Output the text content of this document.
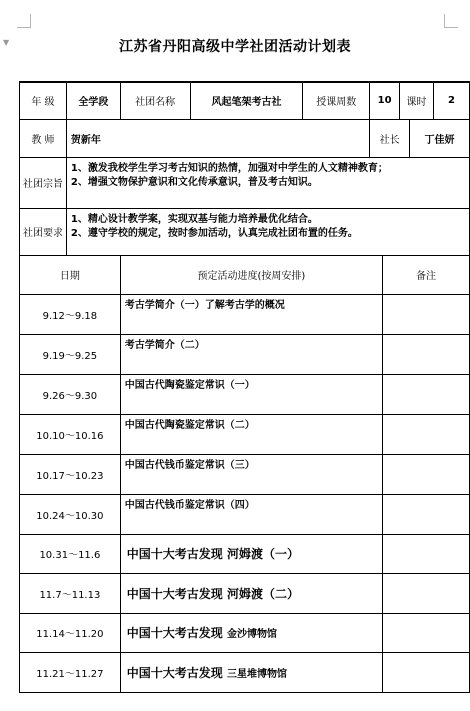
▼	江苏省丹阳高级中学社团活动计划表
年 级	全学段	社团名称	风起笔架考古社	授课周数	10		课时		2
教 师	贺新年				社长			丁佳妍	
社团宗旨	1、激发我校学生学习考古知识的热情，加强对中学生的人文精神教育；
2、增强文物保护意识和文化传承意识，普及考古知识。								

社团要求	1、精心设计教学案，实现双基与能力培养最优化结合。
2、遵守学校的规定，按时参加活动，认真完成社团布置的任务。								

日期		预定活动进度(按周安排)				备注			
9.12～9.18		考古学简介（一）了解考古学的概况							
9.19～9.25		考古学简介（二）							
9.26～9.30		中国古代陶瓷鉴定常识（一）							
10.10～10.16		中国古代陶瓷鉴定常识（二）							
10.17～10.23		中国古代钱币鉴定常识（三）							
10.24～10.30		中国古代钱币鉴定常识（四）							
10.31～11.6		中国十大考古发现 河姆渡（一）							
11.7～11.13		中国十大考古发现 河姆渡（二）							
11.14～11.20		中国十大考古发现 金沙博物馆							
11.21～11.27		中国十大考古发现 三星堆博物馆							
